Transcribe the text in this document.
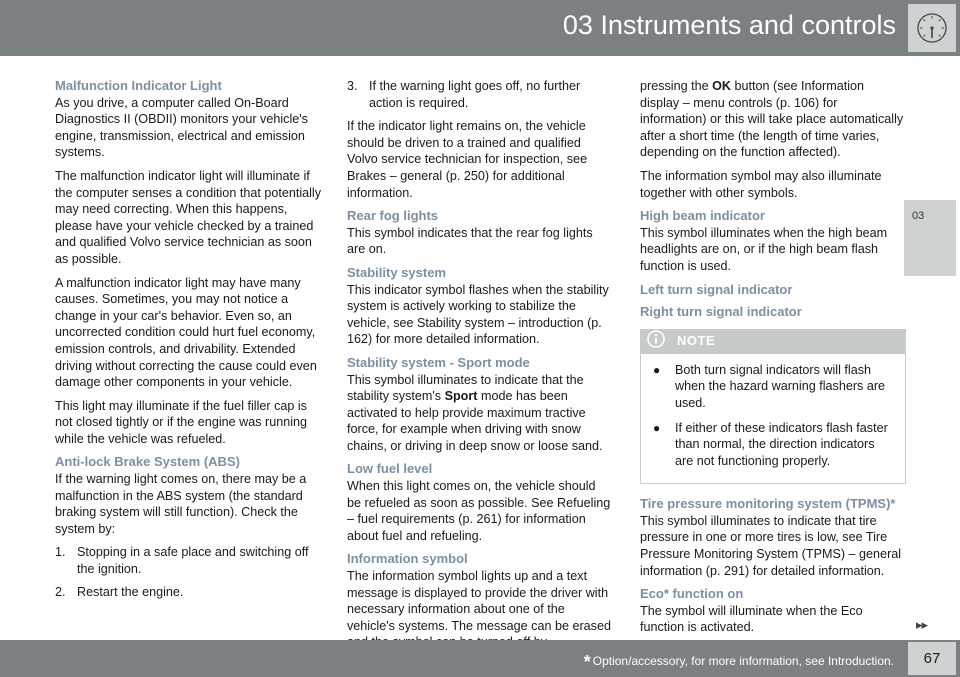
03 Instruments and controls
03
Malfunction Indicator Light

As you drive, a computer called On-Board Diagnostics II (OBDII) monitors your vehicle's engine, transmission, electrical and emission systems.

The malfunction indicator light will illuminate if the computer senses a condition that potentially may need correcting. When this happens, please have your vehicle checked by a trained and qualified Volvo service technician as soon as possible.

A malfunction indicator light may have many causes. Sometimes, you may not notice a change in your car's behavior. Even so, an uncorrected condition could hurt fuel economy, emission controls, and drivability. Extended driving without correcting the cause could even damage other components in your vehicle.

This light may illuminate if the fuel filler cap is not closed tightly or if the engine was running while the vehicle was refueled.

Anti-lock Brake System (ABS)

If the warning light comes on, there may be a malfunction in the ABS system (the standard braking system will still function). Check the system by:

1. Stopping in a safe place and switching off the ignition.
2. Restart the engine.
3. If the warning light goes off, no further action is required.

If the indicator light remains on, the vehicle should be driven to a trained and qualified Volvo service technician for inspection, see Brakes – general (p. 250) for additional information.

Rear fog lights

This symbol indicates that the rear fog lights are on.

Stability system

This indicator symbol flashes when the stability system is actively working to stabilize the vehicle, see Stability system – introduction (p. 162) for more detailed information.

Stability system - Sport mode

This symbol illuminates to indicate that the stability system's Sport mode has been activated to help provide maximum tractive force, for example when driving with snow chains, or driving in deep snow or loose sand.

Low fuel level

When this light comes on, the vehicle should be refueled as soon as possible. See Refueling – fuel requirements (p. 261) for information about fuel and refueling.

Information symbol

The information symbol lights up and a text message is displayed to provide the driver with necessary information about one of the vehicle's systems. The message can be erased

pressing the OK button (see Information display – menu controls (p. 106) for information) or this will take place automatically after a short time (the length of time varies, depending on the function affected).

The information symbol may also illuminate together with other symbols.

High beam indicator

This symbol illuminates when the high beam headlights are on, or if the high beam flash function is used.

Left turn signal indicator
Right turn signal indicator
NOTE
●	Both turn signal indicators will flash when the hazard warning flashers are used.
●	If either of these indicators flash faster than normal, the direction indicators are not functioning properly.
Tire pressure monitoring system (TPMS)*

This symbol illuminates to indicate that tire pressure in one or more tires is low, see Tire Pressure Monitoring System (TPMS) – general information (p. 291) for detailed information.

Eco* function on

The symbol will illuminate when the Eco function is activated.	▸▸
* Option/accessory, for more information, see Introduction.	67
